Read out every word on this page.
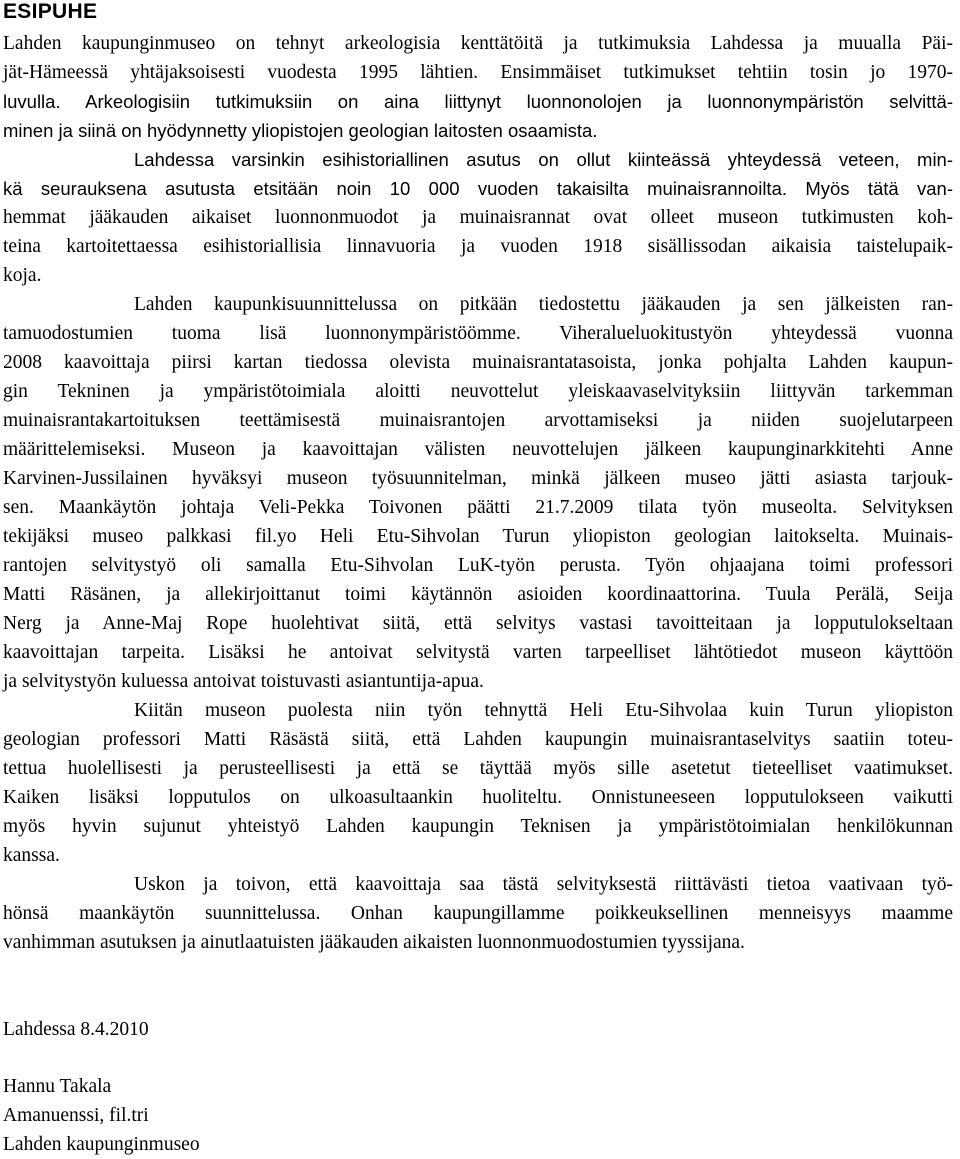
ESIPUHE
Lahden kaupunginmuseo on tehnyt arkeologisia kenttätöitä ja tutkimuksia Lahdessa ja muualla Päi-
jät-Hämeessä yhtäjaksoisesti vuodesta 1995 lähtien. Ensimmäiset tutkimukset tehtiin tosin jo 1970-
luvulla. Arkeologisiin tutkimuksiin on aina liittynyt luonnonolojen ja luonnonympäristön selvittä-
minen ja siinä on hyödynnetty yliopistojen geologian laitosten osaamista.
Lahdessa varsinkin esihistoriallinen asutus on ollut kiinteässä yhteydessä veteen, min-
kä seurauksena asutusta etsitään noin 10 000 vuoden takaisilta muinaisrannoilta. Myös tätä van-
hemmat jääkauden aikaiset luonnonmuodot ja muinaisrannat ovat olleet museon tutkimusten koh-
teina kartoitettaessa esihistoriallisia linnavuoria ja vuoden 1918 sisällissodan aikaisia taistelupaik-
koja.
Lahden kaupunkisuunnittelussa on pitkään tiedostettu jääkauden ja sen jälkeisten ran-
tamuodostumien tuoma lisä luonnonympäristöömme. Viheralueluokitustyön yhteydessä vuonna
2008 kaavoittaja piirsi kartan tiedossa olevista muinaisrantatasoista, jonka pohjalta Lahden kaupun-
gin Tekninen ja ympäristötoimiala aloitti neuvottelut yleiskaavaselvityksiin liittyvän tarkemman
muinaisrantakartoituksen teettämisestä muinaisrantojen arvottamiseksi ja niiden suojelutarpeen
määrittelemiseksi. Museon ja kaavoittajan välisten neuvottelujen jälkeen kaupunginarkkitehti Anne
Karvinen-Jussilainen hyväksyi museon työsuunnitelman, minkä jälkeen museo jätti asiasta tarjouk-
sen. Maankäytön johtaja Veli-Pekka Toivonen päätti 21.7.2009 tilata työn museolta. Selvityksen
tekijäksi museo palkkasi fil.yo Heli Etu-Sihvolan Turun yliopiston geologian laitokselta. Muinais-
rantojen selvitystyö oli samalla Etu-Sihvolan LuK-työn perusta. Työn ohjaajana toimi professori
Matti Räsänen, ja allekirjoittanut toimi käytännön asioiden koordinaattorina. Tuula Perälä, Seija
Nerg ja Anne-Maj Rope huolehtivat siitä, että selvitys vastasi tavoitteitaan ja lopputulokseltaan
kaavoittajan tarpeita. Lisäksi he antoivat selvitystä varten tarpeelliset lähtötiedot museon käyttöön
ja selvitystyön kuluessa antoivat toistuvasti asiantuntija-apua.
Kiitän museon puolesta niin työn tehnyttä Heli Etu-Sihvolaa kuin Turun yliopiston
geologian professori Matti Räsästä siitä, että Lahden kaupungin muinaisrantaselvitys saatiin toteu-
tettua huolellisesti ja perusteellisesti ja että se täyttää myös sille asetetut tieteelliset vaatimukset.
Kaiken lisäksi lopputulos on ulkoasultaankin huoliteltu. Onnistuneeseen lopputulokseen vaikutti
myös hyvin sujunut yhteistyö Lahden kaupungin Teknisen ja ympäristötoimialan henkilökunnan
kanssa.
Uskon ja toivon, että kaavoittaja saa tästä selvityksestä riittävästi tietoa vaativaan työ-
hönsä maankäytön suunnittelussa. Onhan kaupungillamme poikkeuksellinen menneisyys maamme
vanhimman asutuksen ja ainutlaatuisten jääkauden aikaisten luonnonmuodostumien tyyssijana.
Lahdessa 8.4.2010
Hannu Takala
Amanuenssi, fil.tri
Lahden kaupunginmuseo
